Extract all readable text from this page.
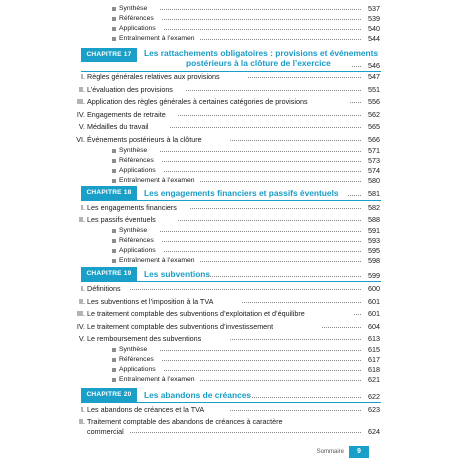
Synthèse	537
Références	539
Applications	540
Entraînement à l’examen	544
CHAPITRE 17	Les rattachements obligatoires : provisions et événements
postérieurs à la clôture de l’exercice	546
I. Règles générales relatives aux provisions	547
II. L’évaluation des provisions	551
III. Application des règles générales à certaines catégories de provisions	556
IV. Engagements de retraite	562
V. Médailles du travail	565
VI. Événements postérieurs à la clôture	566
Synthèse	571
Références	573
Applications	574
Entraînement à l’examen	580
CHAPITRE 18	Les engagements financiers et passifs éventuels	581
I. Les engagements financiers	582
II. Les passifs éventuels	588
Synthèse	591
Références	593
Applications	595
Entraînement à l’examen	598
CHAPITRE 19	Les subventions	599
I. Définitions	600
II. Les subventions et l’imposition à la TVA	601
III. Le traitement comptable des subventions d’exploitation et d’équilibre	601
IV. Le traitement comptable des subventions d’investissement	604
V. Le remboursement des subventions	613
Synthèse	615
Références	617
Applications	618
Entraînement à l’examen	621
CHAPITRE 20	Les abandons de créances	622
I. Les abandons de créances et la TVA	623
II. Traitement comptable des abandons de créances à caractère
commercial	624
Sommaire	9
